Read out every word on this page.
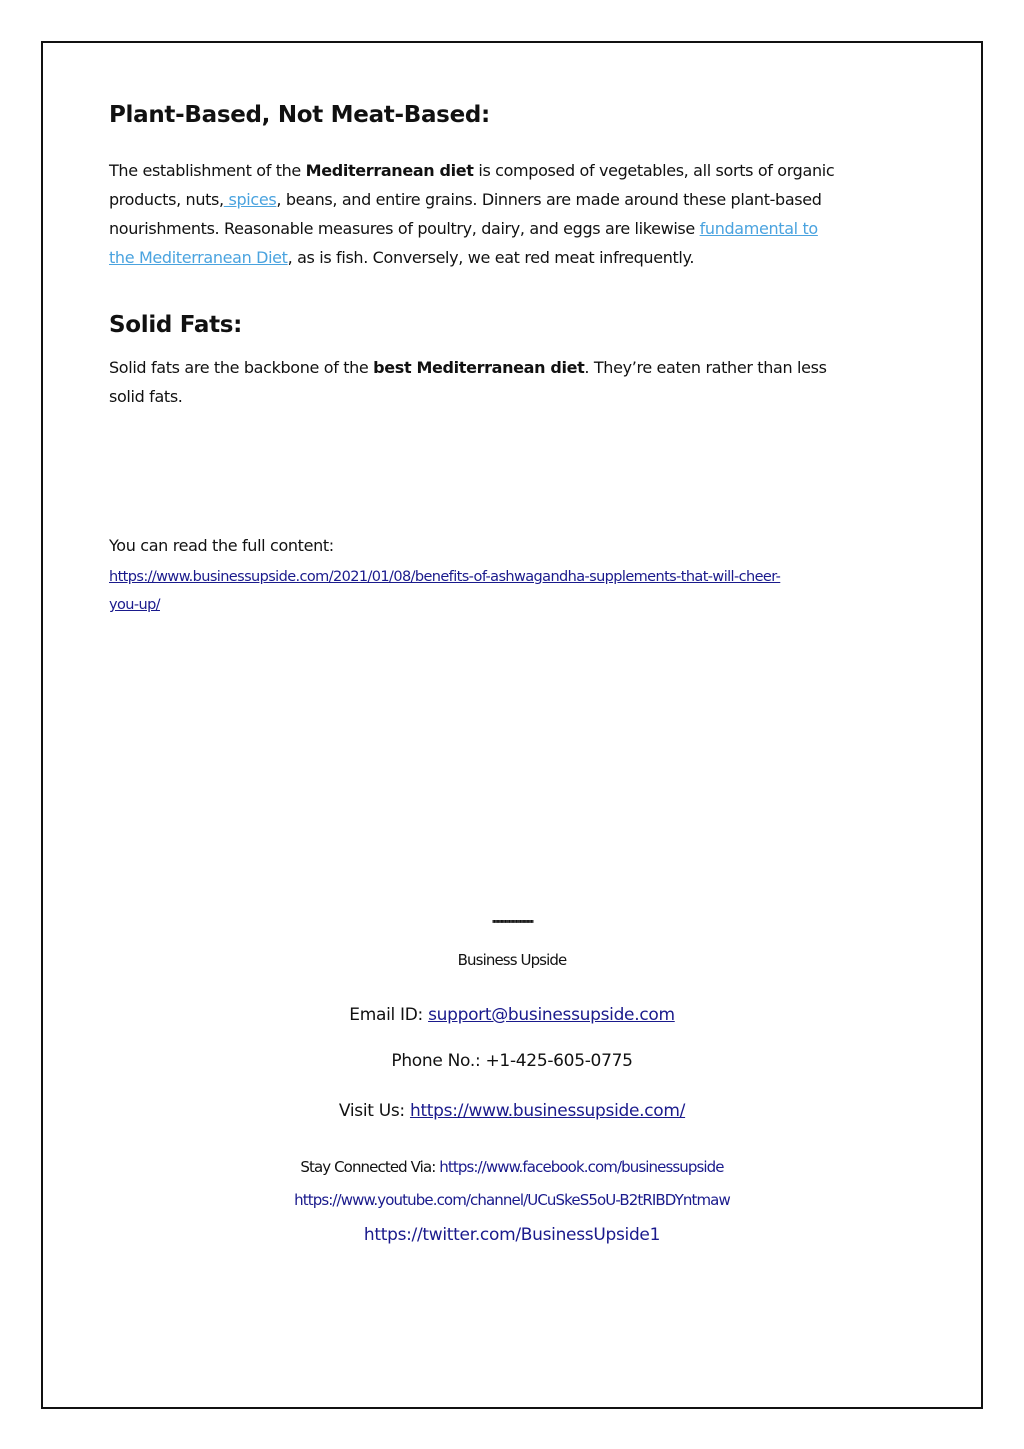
Plant-Based, Not Meat-Based:
The establishment of the Mediterranean diet is composed of vegetables, all sorts of organic
products, nuts, spices, beans, and entire grains. Dinners are made around these plant-based
nourishments. Reasonable measures of poultry, dairy, and eggs are likewise fundamental to
the Mediterranean Diet, as is fish. Conversely, we eat red meat infrequently.
Solid Fats:
Solid fats are the backbone of the best Mediterranean diet. They’re eaten rather than less
solid fats.
You can read the full content:
https://www.businessupside.com/2021/01/08/benefits-of-ashwagandha-supplements-that-will-cheer-
you-up/
''''''''''''''''''''''''''''''
Business Upside
Email ID: support@businessupside.com
Phone No.: +1-425-605-0775
Visit Us: https://www.businessupside.com/
Stay Connected Via: https://www.facebook.com/businessupside
https://www.youtube.com/channel/UCuSkeS5oU-B2tRIBDYntmaw
https://twitter.com/BusinessUpside1
